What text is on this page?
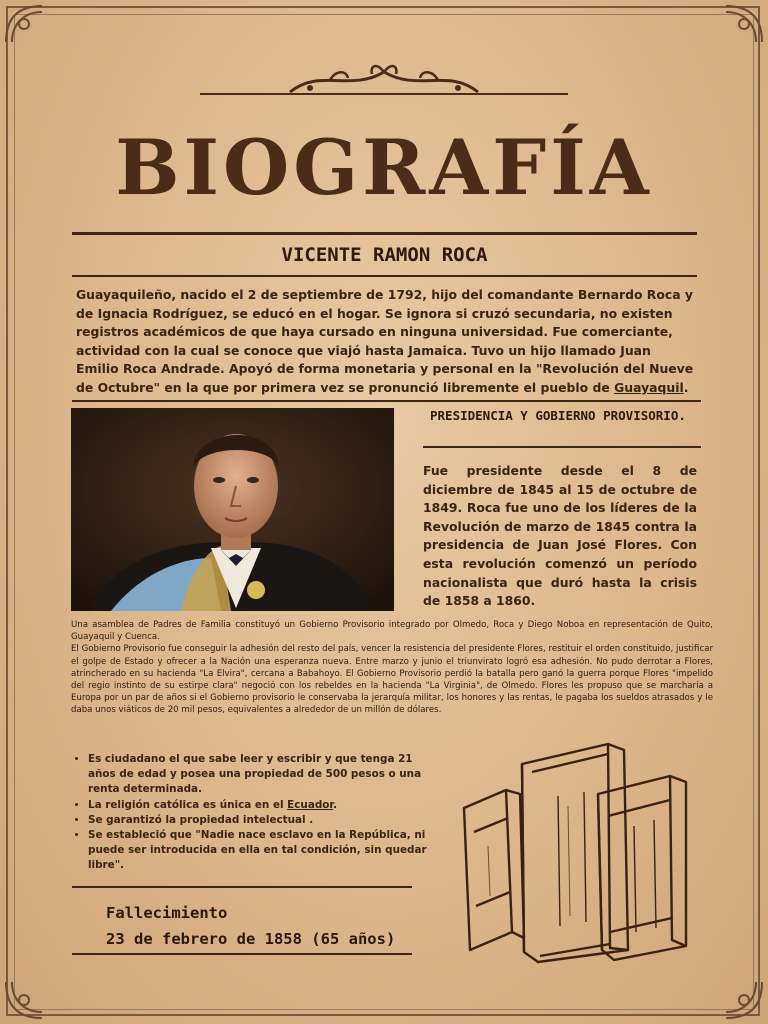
BIOGRAFÍA
VICENTE RAMON ROCA
Guayaquileño, nacido el 2 de septiembre de 1792, hijo del comandante Bernardo Roca y de Ignacia Rodríguez, se educó en el hogar. Se ignora si cruzó secundaria, no existen registros académicos de que haya cursado en ninguna universidad. Fue comerciante, actividad con la cual se conoce que viajó hasta Jamaica. Tuvo un hijo llamado Juan Emilio Roca Andrade. Apoyó de forma monetaria y personal en la "Revolución del Nueve de Octubre" en la que por primera vez se pronunció libremente el pueblo de Guayaquil.
PRESIDENCIA Y GOBIERNO PROVISORIO.
Fue presidente desde el 8 de diciembre de 1845 al 15 de octubre de 1849. Roca fue uno de los líderes de la Revolución de marzo de 1845 contra la presidencia de Juan José Flores. Con esta revolución comenzó un período nacionalista que duró hasta la crisis de 1858 a 1860.

Una asamblea de Padres de Familia constituyó un Gobierno Provisorio integrado por Olmedo, Roca y Diego Noboa en representación de Quito, Guayaquil y Cuenca.

El Gobierno Provisorio fue conseguir la adhesión del resto del país, vencer la resistencia del presidente Flores, restituir el orden constituido, justificar el golpe de Estado y ofrecer a la Nación una esperanza nueva. Entre marzo y junio el triunvirato logró esa adhesión. No pudo derrotar a Flores, atrincherado en su hacienda "La Elvira", cercana a Babahoyo. El Gobierno Provisorio perdió la batalla pero ganó la guerra porque Flores "impelido del regio instinto de su estirpe clara" negoció con los rebeldes en la hacienda "La Virginia", de Olmedo. Flores les propuso que se marcharía a Europa por un par de años si el Gobierno provisorio le conservaba la jerarquía militar, los honores y las rentas, le pagaba los sueldos atrasados y le daba unos viáticos de 20 mil pesos, equivalentes a alrededor de un millón de dólares.

• Es ciudadano el que sabe leer y escribir y que tenga 21 años de edad y posea una propiedad de 500 pesos o una renta determinada.
• La religión católica es única en el Ecuador.
• Se garantizó la propiedad intelectual .
• Se estableció que "Nadie nace esclavo en la República, ni puede ser introducida en ella en tal condición, sin quedar libre".
Fallecimiento
23 de febrero de 1858 (65 años)
